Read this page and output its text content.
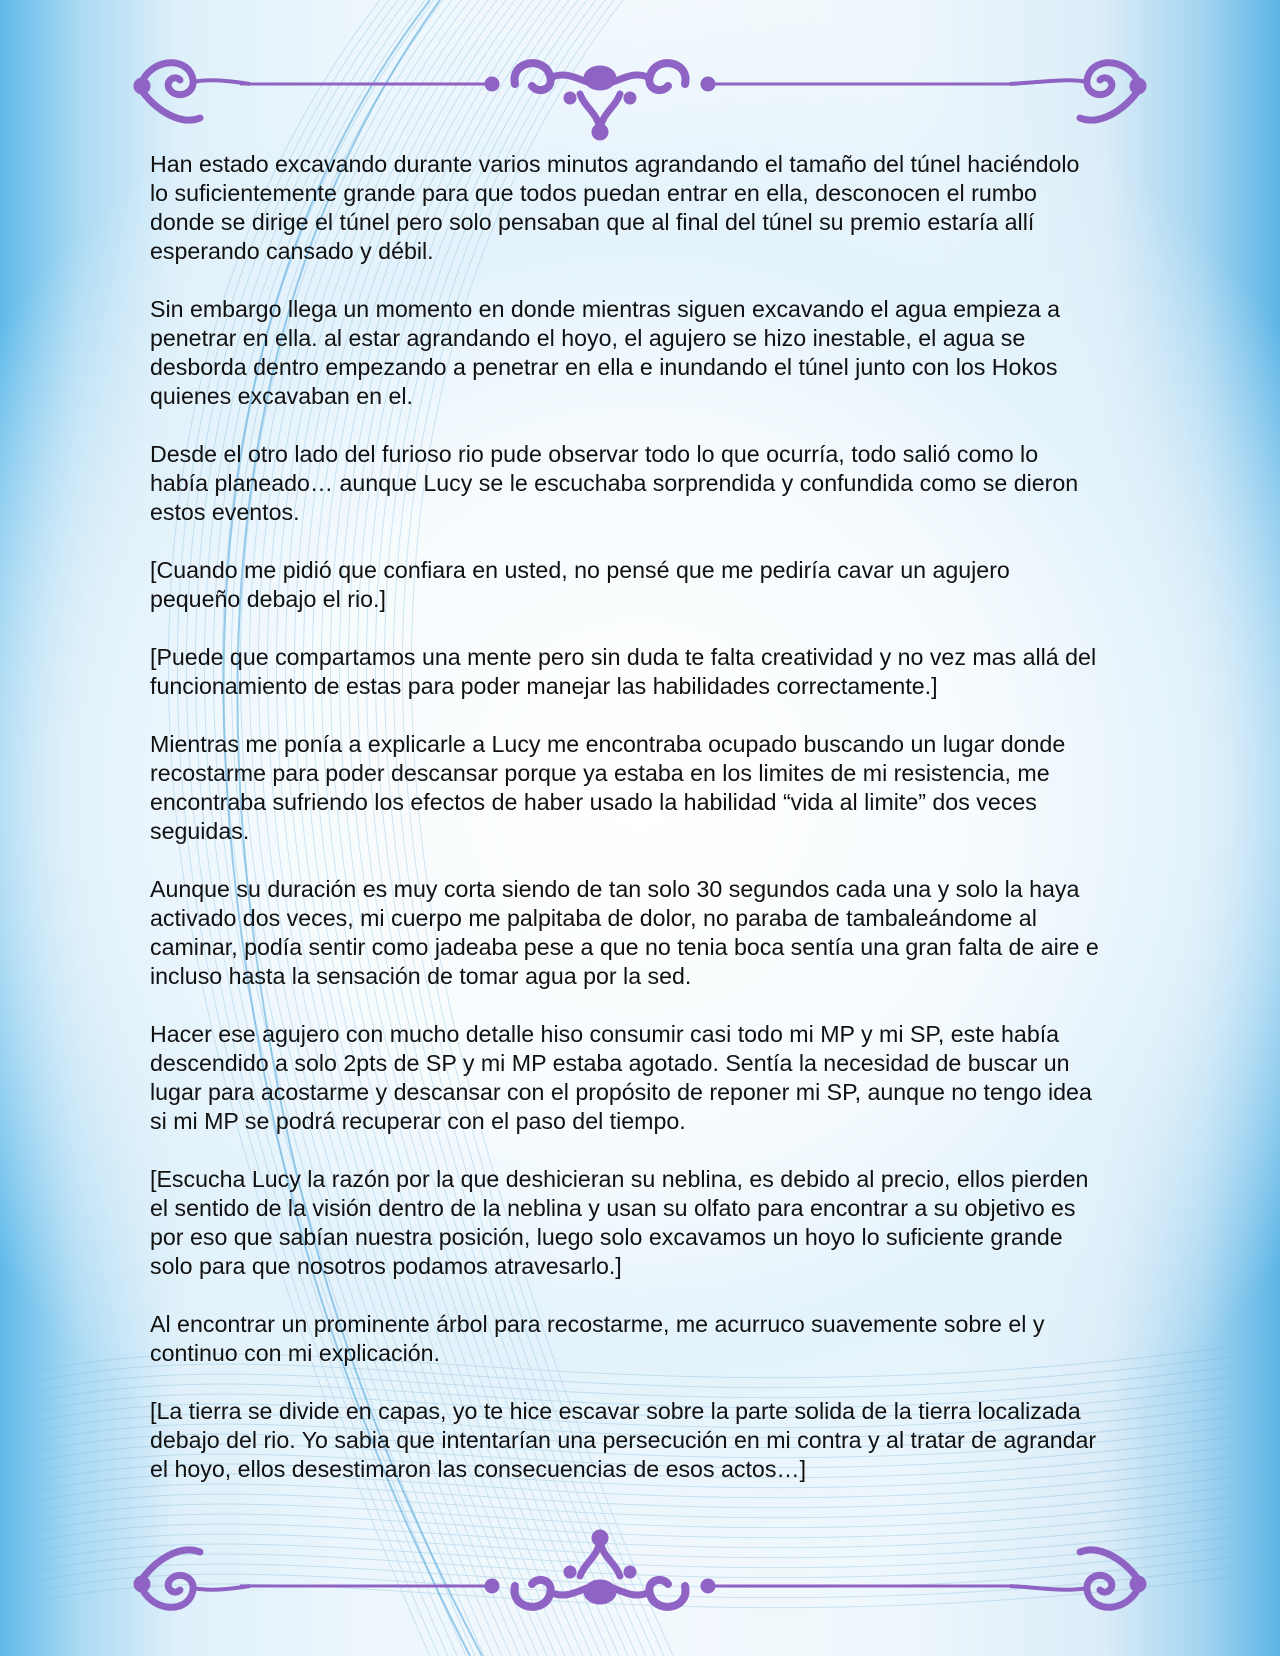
Han estado excavando durante varios minutos agrandando el tamaño del túnel haciéndolo lo suficientemente grande para que todos puedan entrar en ella, desconocen el rumbo donde se dirige el túnel pero solo pensaban que al final del túnel su premio estaría allí esperando cansado y débil.

Sin embargo llega un momento en donde mientras siguen excavando el agua empieza a penetrar en ella. al estar agrandando el hoyo, el agujero se hizo inestable, el agua se desborda dentro empezando a penetrar en ella e inundando el túnel junto con los Hokos quienes excavaban en el.

Desde el otro lado del furioso rio pude observar todo lo que ocurría, todo salió como lo había planeado… aunque Lucy se le escuchaba sorprendida y confundida como se dieron estos eventos.

[Cuando me pidió que confiara en usted, no pensé que me pediría cavar un agujero pequeño debajo el rio.]

[Puede que compartamos una mente pero sin duda te falta creatividad y no vez mas allá del funcionamiento de estas para poder manejar las habilidades correctamente.]

Mientras me ponía a explicarle a Lucy me encontraba ocupado buscando un lugar donde recostarme para poder descansar porque ya estaba en los limites de mi resistencia, me encontraba sufriendo los efectos de haber usado la habilidad “vida al limite” dos veces seguidas.

Aunque su duración es muy corta siendo de tan solo 30 segundos cada una y solo la haya activado dos veces, mi cuerpo me palpitaba de dolor, no paraba de tambaleándome al caminar, podía sentir como jadeaba pese a que no tenia boca sentía una gran falta de aire e incluso hasta la sensación de tomar agua por la sed.

Hacer ese agujero con mucho detalle hiso consumir casi todo mi MP y mi SP, este había descendido a solo 2pts de SP y mi MP estaba agotado. Sentía la necesidad de buscar un lugar para acostarme y descansar con el propósito de reponer mi SP, aunque no tengo idea si mi MP se podrá recuperar con el paso del tiempo.

[Escucha Lucy la razón por la que deshicieran su neblina, es debido al precio, ellos pierden el sentido de la visión dentro de la neblina y usan su olfato para encontrar a su objetivo es por eso que sabían nuestra posición, luego solo excavamos un hoyo lo suficiente grande solo para que nosotros podamos atravesarlo.]

Al encontrar un prominente árbol para recostarme, me acurruco suavemente sobre el y continuo con mi explicación.

[La tierra se divide en capas, yo te hice escavar sobre la parte solida de la tierra localizada debajo del rio. Yo sabia que intentarían una persecución en mi contra y al tratar de agrandar el hoyo, ellos desestimaron las consecuencias de esos actos…]
